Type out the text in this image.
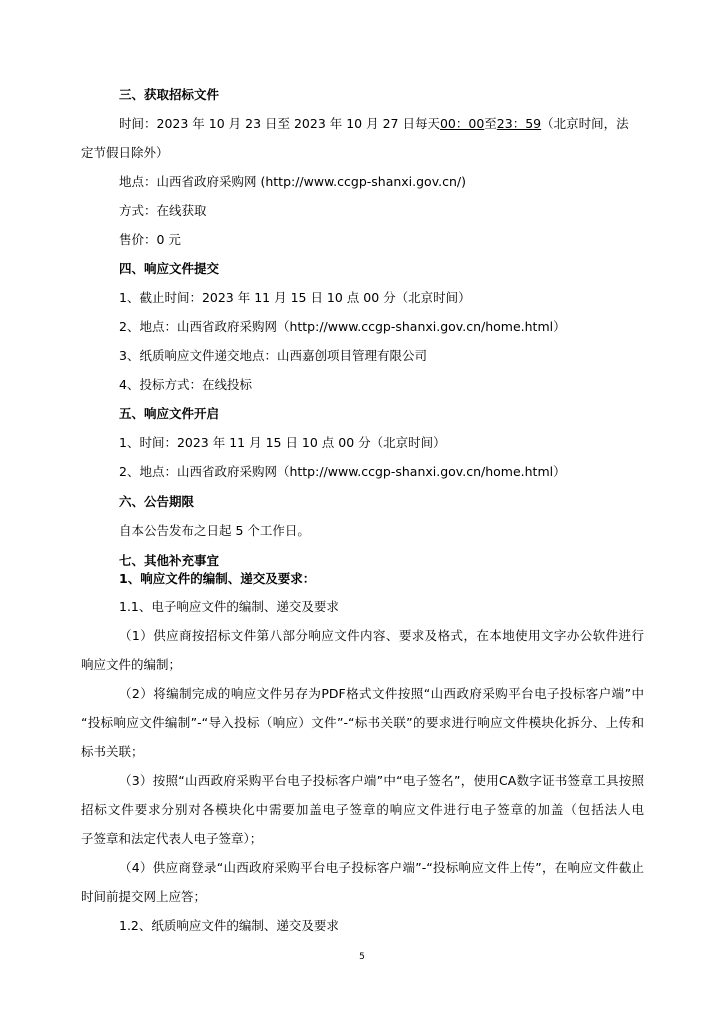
三、获取招标文件
时间：2023 年 10 月 23 日至 2023 年 10 月 27 日每天00：00至23：59（北京时间，法
定节假日除外）
地点：山西省政府采购网 (http://www.ccgp-shanxi.gov.cn/)
方式：在线获取
售价：0 元
四、响应文件提交
1、截止时间：2023 年 11 月 15 日 10 点 00 分（北京时间）
2、地点：山西省政府采购网（http://www.ccgp-shanxi.gov.cn/home.html）
3、纸质响应文件递交地点：山西嘉创项目管理有限公司
4、投标方式：在线投标
五、响应文件开启
1、时间：2023 年 11 月 15 日 10 点 00 分（北京时间）
2、地点：山西省政府采购网（http://www.ccgp-shanxi.gov.cn/home.html）
六、公告期限
自本公告发布之日起 5 个工作日。
七、其他补充事宜
1、响应文件的编制、递交及要求：
1.1、电子响应文件的编制、递交及要求
（1）供应商按招标文件第八部分响应文件内容、要求及格式，在本地使用文字办公软件进行
响应文件的编制；
（2）将编制完成的响应文件另存为PDF格式文件按照“山西政府采购平台电子投标客户端”中
“投标响应文件编制”-“导入投标（响应）文件”-“标书关联”的要求进行响应文件模块化拆分、上传和
标书关联；
（3）按照“山西政府采购平台电子投标客户端”中“电子签名”，使用CA数字证书签章工具按照
招标文件要求分别对各模块化中需要加盖电子签章的响应文件进行电子签章的加盖（包括法人电
子签章和法定代表人电子签章）；
（4）供应商登录“山西政府采购平台电子投标客户端”-“投标响应文件上传”，在响应文件截止
时间前提交网上应答；
1.2、纸质响应文件的编制、递交及要求
5
